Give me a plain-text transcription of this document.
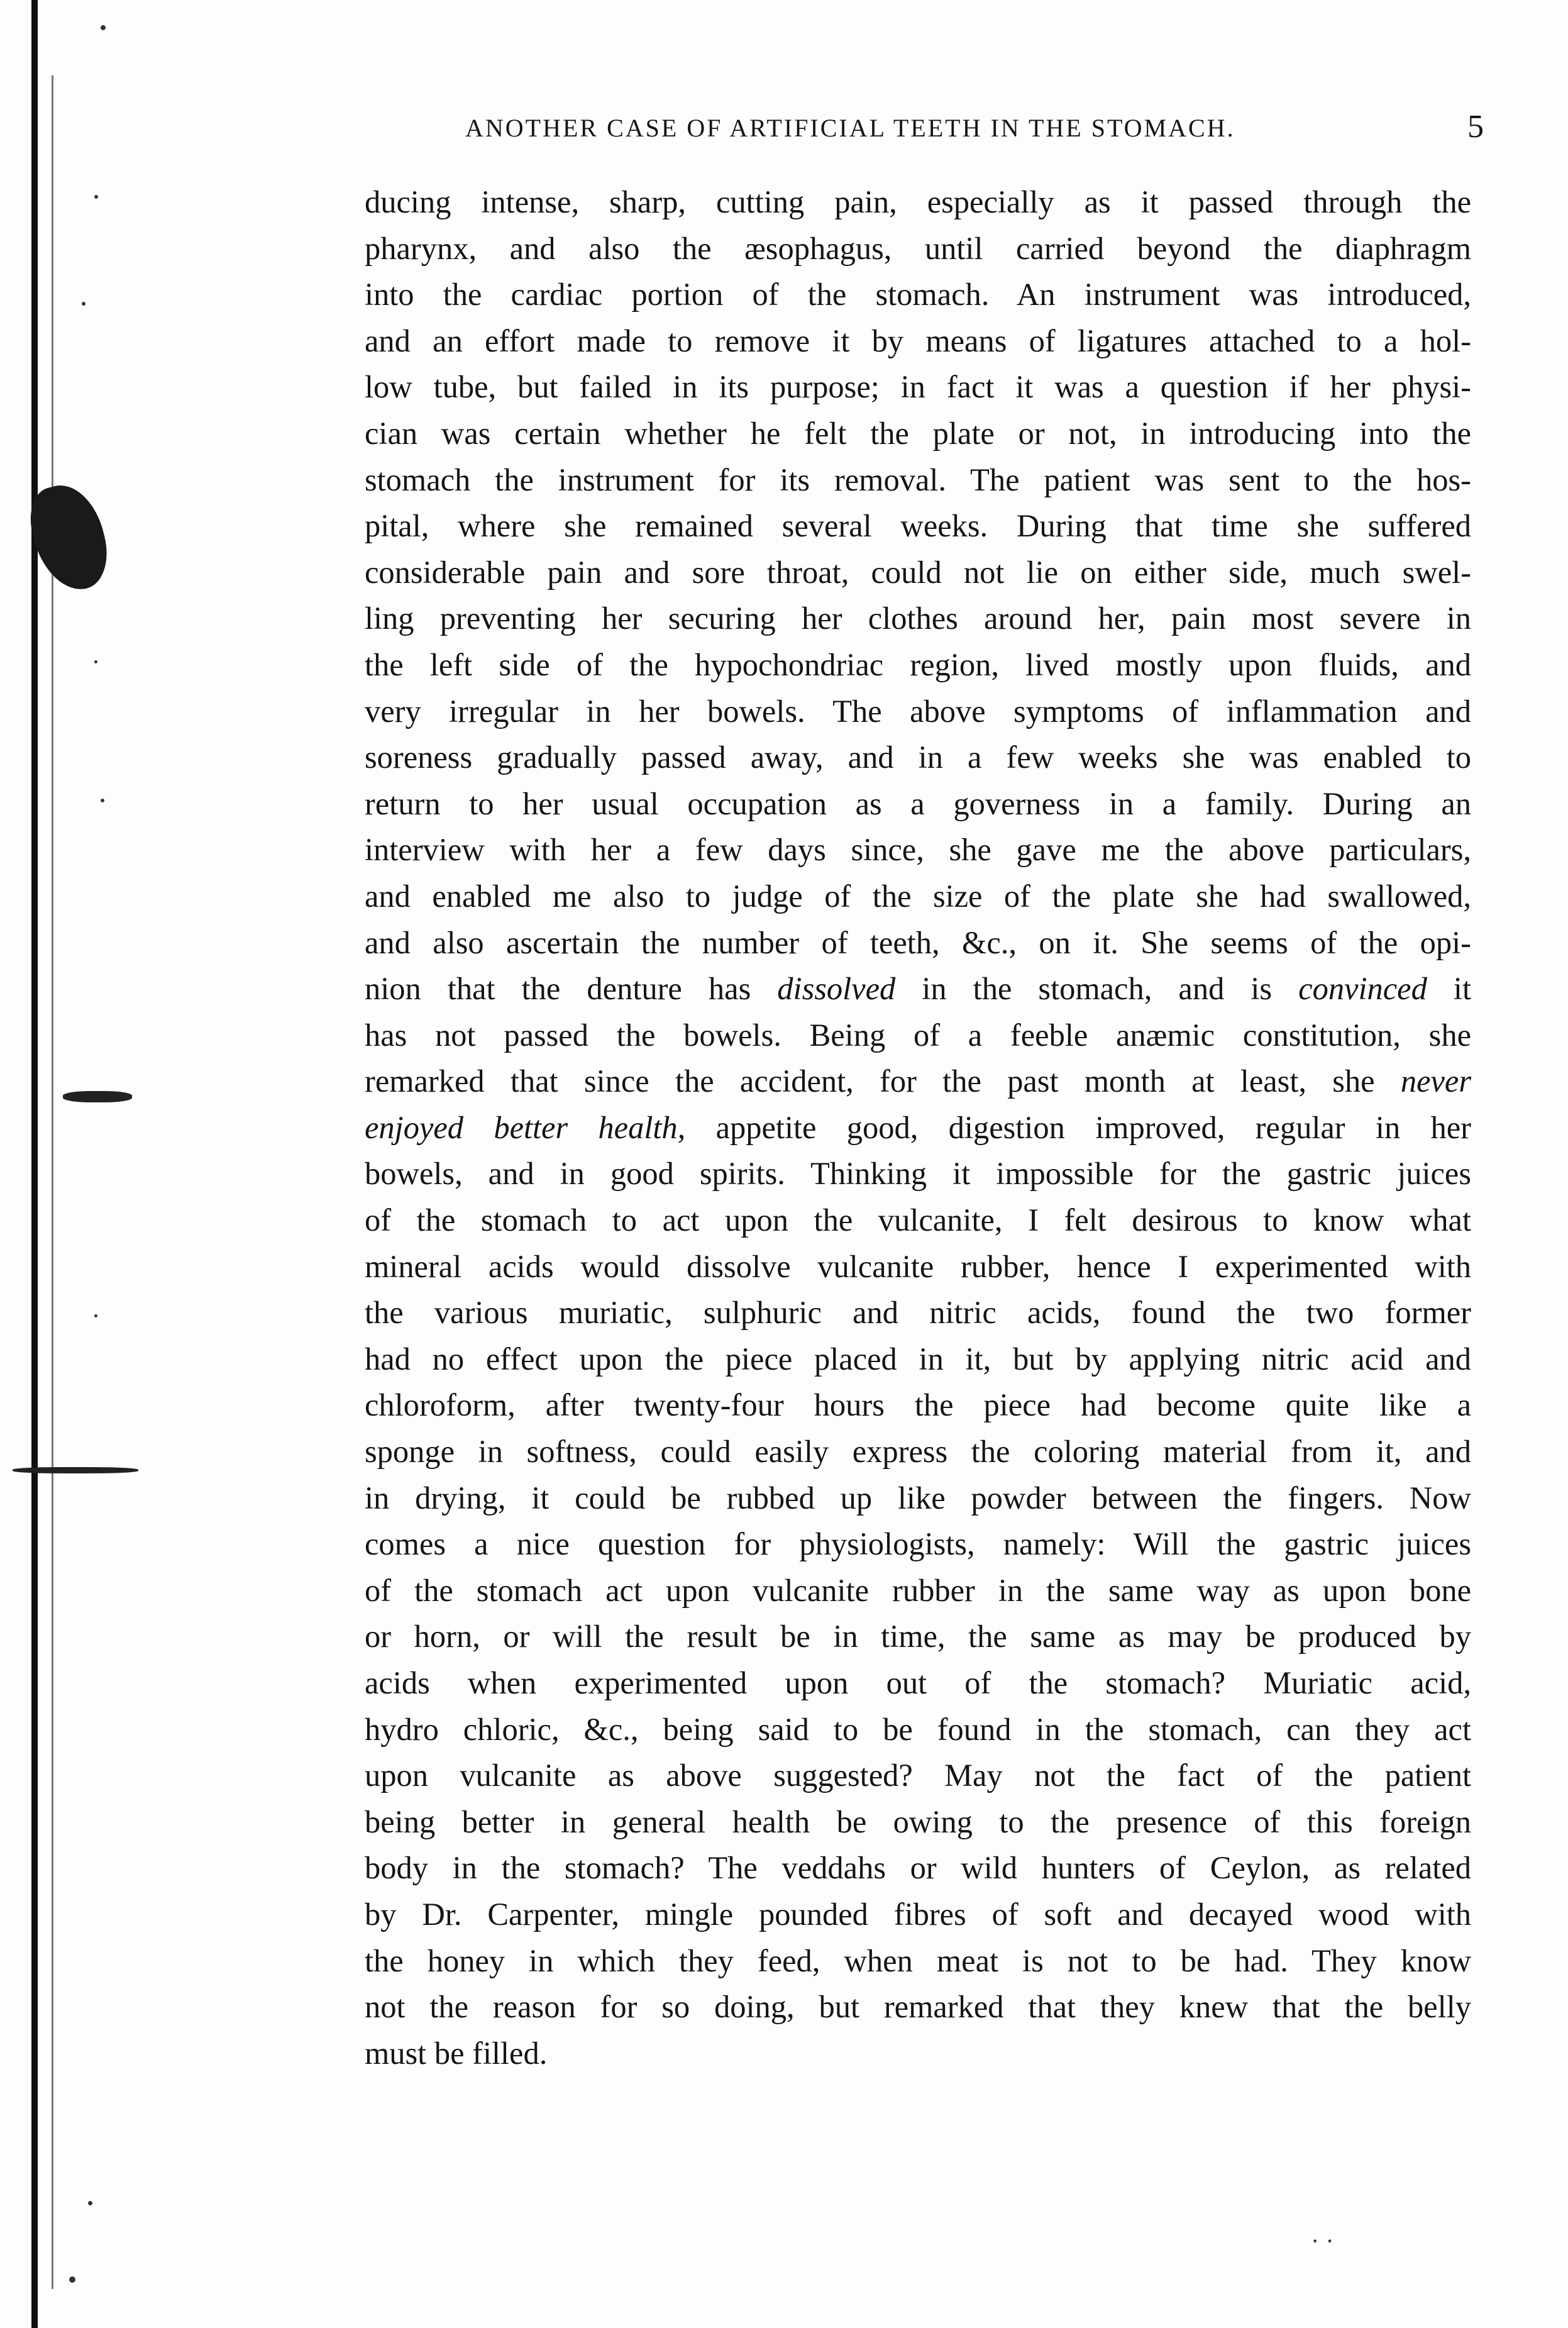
ANOTHER CASE OF ARTIFICIAL TEETH IN THE STOMACH.	5
ducing intense, sharp, cutting pain, especially as it passed through the
pharynx, and also the æsophagus, until carried beyond the diaphragm
into the cardiac portion of the stomach. An instrument was introduced,
and an effort made to remove it by means of ligatures attached to a hol-
low tube, but failed in its purpose; in fact it was a question if her physi-
cian was certain whether he felt the plate or not, in introducing into the
stomach the instrument for its removal. The patient was sent to the hos-
pital, where she remained several weeks. During that time she suffered
considerable pain and sore throat, could not lie on either side, much swel-
ling preventing her securing her clothes around her, pain most severe in
the left side of the hypochondriac region, lived mostly upon fluids, and
very irregular in her bowels. The above symptoms of inflammation and
soreness gradually passed away, and in a few weeks she was enabled to
return to her usual occupation as a governess in a family. During an
interview with her a few days since, she gave me the above particulars,
and enabled me also to judge of the size of the plate she had swallowed,
and also ascertain the number of teeth, &c., on it. She seems of the opi-
nion that the denture has dissolved in the stomach, and is convinced it
has not passed the bowels. Being of a feeble anæmic constitution, she
remarked that since the accident, for the past month at least, she never
enjoyed better health, appetite good, digestion improved, regular in her
bowels, and in good spirits. Thinking it impossible for the gastric juices
of the stomach to act upon the vulcanite, I felt desirous to know what
mineral acids would dissolve vulcanite rubber, hence I experimented with
the various muriatic, sulphuric and nitric acids, found the two former
had no effect upon the piece placed in it, but by applying nitric acid and
chloroform, after twenty-four hours the piece had become quite like a
sponge in softness, could easily express the coloring material from it, and
in drying, it could be rubbed up like powder between the fingers. Now
comes a nice question for physiologists, namely: Will the gastric juices
of the stomach act upon vulcanite rubber in the same way as upon bone
or horn, or will the result be in time, the same as may be produced by
acids when experimented upon out of the stomach? Muriatic acid,
hydro chloric, &c., being said to be found in the stomach, can they act
upon vulcanite as above suggested? May not the fact of the patient
being better in general health be owing to the presence of this foreign
body in the stomach? The veddahs or wild hunters of Ceylon, as related
by Dr. Carpenter, mingle pounded fibres of soft and decayed wood with
the honey in which they feed, when meat is not to be had. They know
not the reason for so doing, but remarked that they knew that the belly
must be filled.
· ·
